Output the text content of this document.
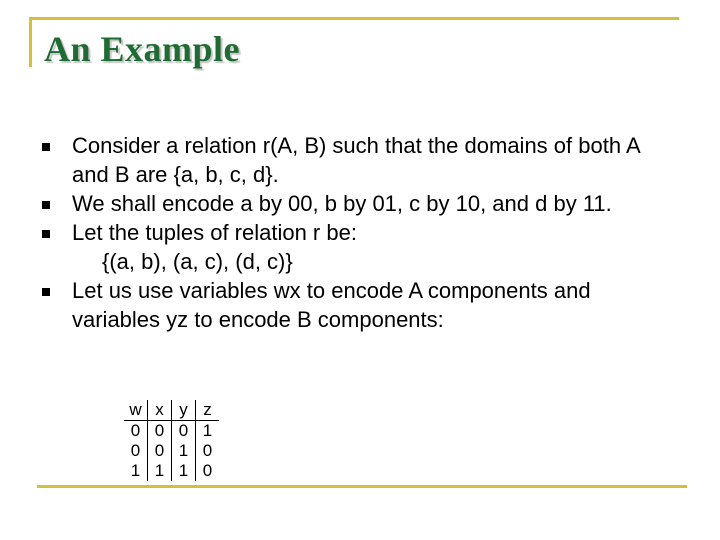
An Example
Consider a relation r(A, B) such that the domains of both A and B are {a, b, c, d}.
We shall encode a by 00, b by 01, c by 10, and d by 11.
Let the tuples of relation r be:
{(a, b), (a, c), (d, c)}
Let us use variables wx to encode A components and variables yz to encode B components:
w	x	y	z
0	0	0	1
0	0	1	0
1	1	1	0
